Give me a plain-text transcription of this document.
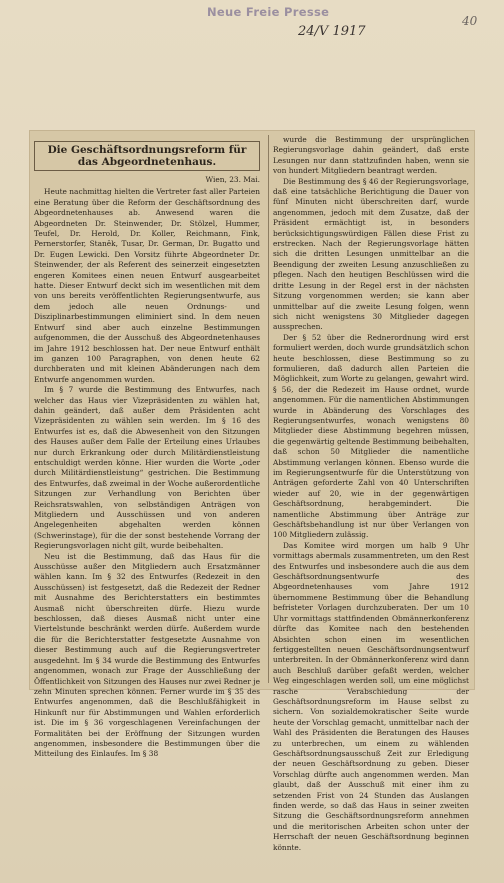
Neue Freie Presse
24/V 1917
40
Die Geschäftsordnungsreform für das Abgeordnetenhaus.
Wien, 23. Mai.

Heute nachmittag hielten die Vertreter fast aller Parteien eine Beratung über die Reform der Geschäftsordnung des Abgeordnetenhauses ab. Anwesend waren die Abgeordneten Dr. Steinwender, Dr. Stölzel, Hummer, Teufel, Dr. Herold, Dr. Koller, Reichmann, Fink, Pernerstorfer, Staněk, Tusar, Dr. German, Dr. Bugatto und Dr. Eugen Lewicki. Den Vorsitz führte Abgeordneter Dr. Steinwender, der als Referent des seinerzeit eingesetzten engeren Komitees einen neuen Entwurf ausgearbeitet hatte. Dieser Entwurf deckt sich im wesentlichen mit dem von uns bereits veröffentlichten Regierungsentwurfe, aus dem jedoch alle neuen Ordnungs- und Disziplinarbestimmungen eliminiert sind. In dem neuen Entwurf sind aber auch einzelne Bestimmungen aufgenommen, die der Ausschuß des Abgeordnetenhauses im Jahre 1912 beschlossen hat. Der neue Entwurf enthält im ganzen 100 Paragraphen, von denen heute 62 durchberaten und mit kleinen Abänderungen nach dem Entwurfe angenommen wurden.

Im § 7 wurde die Bestimmung des Entwurfes, nach welcher das Haus vier Vizepräsidenten zu wählen hat, dahin geändert, daß außer dem Präsidenten acht Vizepräsidenten zu wählen sein werden. Im § 16 des Entwurfes ist es, daß die Abwesenheit von den Sitzungen des Hauses außer dem Falle der Erteilung eines Urlaubes nur durch Erkrankung oder durch Militärdienstleistung entschuldigt werden könne. Hier wurden die Worte „oder durch Militärdienstleistung“ gestrichen. Die Bestimmung des Entwurfes, daß zweimal in der Woche außerordentliche Sitzungen zur Verhandlung von Berichten über Reichsratswahlen, von selbständigen Anträgen von Mitgliedern und Ausschüssen und von anderen Angelegenheiten abgehalten werden können (Schwerinstage), für die der sonst bestehende Vorrang der Regierungsvorlagen nicht gilt, wurde beibehalten.

Neu ist die Bestimmung, daß das Haus für die Ausschüsse außer den Mitgliedern auch Ersatzmänner wählen kann. Im § 32 des Entwurfes (Redezeit in den Ausschüssen) ist festgesetzt, daß die Redezeit der Redner mit Ausnahme des Berichterstatters ein bestimmtes Ausmaß nicht überschreiten dürfe. Hiezu wurde beschlossen, daß dieses Ausmaß nicht unter eine Viertelstunde beschränkt werden dürfe. Außerdem wurde die für die Berichterstatter festgesetzte Ausnahme von dieser Bestimmung auch auf die Regierungsvertreter ausgedehnt. Im § 34 wurde die Bestimmung des Entwurfes angenommen, wonach zur Frage der Ausschließung der Öffentlichkeit von Sitzungen des Hauses nur zwei Redner je zehn Minuten sprechen können. Ferner wurde im § 35 des Entwurfes angenommen, daß die Beschlußfähigkeit in Hinkunft nur für Abstimmungen und Wahlen erforderlich ist. Die im § 36 vorgeschlagenen Vereinfachungen der Formalitäten bei der Eröffnung der Sitzungen wurden angenommen, insbesondere die Bestimmungen über die Mitteilung des Einlaufes. Im § 38

wurde die Bestimmung der ursprünglichen Regierungsvorlage dahin geändert, daß erste Lesungen nur dann stattzufinden haben, wenn sie von hundert Mitgliedern beantragt werden.

Die Bestimmung des § 46 der Regierungsvorlage, daß eine tatsächliche Berichtigung die Dauer von fünf Minuten nicht überschreiten darf, wurde angenommen, jedoch mit dem Zusatze, daß der Präsident ermächtigt ist, in besonders berücksichtigungswürdigen Fällen diese Frist zu erstrecken. Nach der Regierungsvorlage hätten sich die dritten Lesungen unmittelbar an die Beendigung der zweiten Lesung anzuschließen zu pflegen. Nach den heutigen Beschlüssen wird die dritte Lesung in der Regel erst in der nächsten Sitzung vorgenommen werden; sie kann aber unmittelbar auf die zweite Lesung folgen, wenn sich nicht wenigstens 30 Mitglieder dagegen aussprechen.

Der § 52 über die Rednerordnung wird erst formuliert werden, doch wurde grundsätzlich schon heute beschlossen, diese Bestimmung so zu formulieren, daß dadurch allen Parteien die Möglichkeit, zum Worte zu gelangen, gewahrt wird. § 56, der die Redezeit im Hause ordnet, wurde angenommen. Für die namentlichen Abstimmungen wurde in Abänderung des Vorschlages des Regierungsentwurfes, wonach wenigstens 80 Mitglieder diese Abstimmung begehren müssen, die gegenwärtig geltende Bestimmung beibehalten, daß schon 50 Mitglieder die namentliche Abstimmung verlangen können. Ebenso wurde die im Regierungsentwurfe für die Unterstützung von Anträgen geforderte Zahl von 40 Unterschriften wieder auf 20, wie in der gegenwärtigen Geschäftsordnung, herabgemindert. Die namentliche Abstimmung über Anträge zur Geschäftsbehandlung ist nur über Verlangen von 100 Mitgliedern zulässig.

Das Komitee wird morgen um halb 9 Uhr vormittags abermals zusammentreten, um den Rest des Entwurfes und insbesondere auch die aus dem Geschäftsordnungsentwurfe des Abgeordnetenhauses vom Jahre 1912 übernommene Bestimmung über die Behandlung befristeter Vorlagen durchzuberaten. Der um 10 Uhr vormittags stattfindenden Obmännerkonferenz dürfte das Komitee nach den bestehenden Absichten schon einen im wesentlichen fertiggestellten neuen Geschäftsordnungsentwurf unterbreiten. In der Obmännerkonferenz wird dann auch Beschluß darüber gefaßt werden, welcher Weg eingeschlagen werden soll, um eine möglichst rasche Verabschiedung der Geschäftsordnungsreform im Hause selbst zu sichern. Von sozialdemokratischer Seite wurde heute der Vorschlag gemacht, unmittelbar nach der Wahl des Präsidenten die Beratungen des Hauses zu unterbrechen, um einem zu wählenden Geschäftsordnungsausschuß Zeit zur Erledigung der neuen Geschäftsordnung zu geben. Dieser Vorschlag dürfte auch angenommen werden. Man glaubt, daß der Ausschuß mit einer ihm zu setzenden Frist von 24 Stunden das Auslangen finden werde, so daß das Haus in seiner zweiten Sitzung die Geschäftsordnungsreform annehmen und die meritorischen Arbeiten schon unter der Herrschaft der neuen Geschäftsordnung beginnen könnte.
